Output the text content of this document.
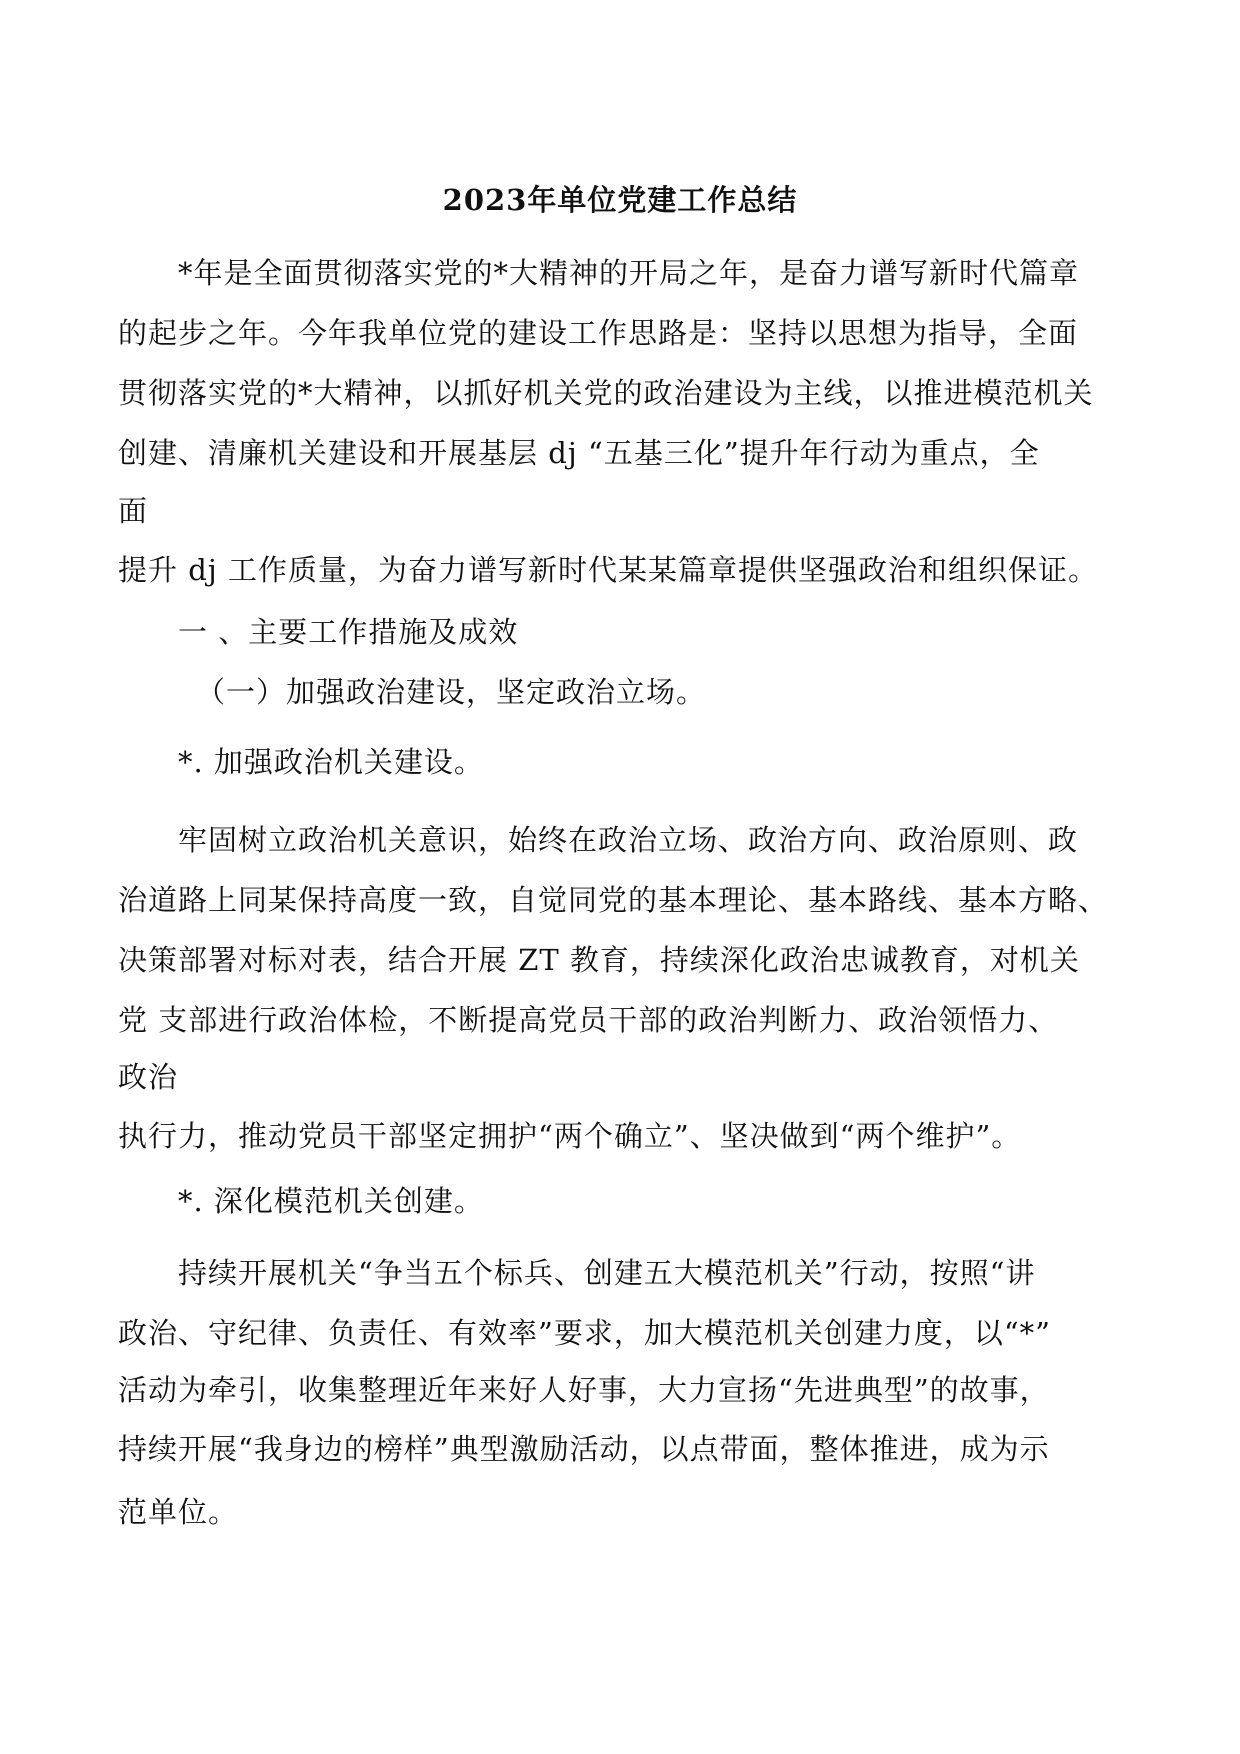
2023年单位党建工作总结
*年是全面贯彻落实党的*大精神的开局之年，是奋力谱写新时代篇章
的起步之年。今年我单位党的建设工作思路是：坚持以思想为指导，全面
贯彻落实党的*大精神，以抓好机关党的政治建设为主线，以推进模范机关
创建、清廉机关建设和开展基层 dj “五基三化”提升年行动为重点，全
面
提升 dj 工作质量，为奋力谱写新时代某某篇章提供坚强政治和组织保证。
一 、主要工作措施及成效
（一）加强政治建设，坚定政治立场。
*. 加强政治机关建设。
牢固树立政治机关意识，始终在政治立场、政治方向、政治原则、政
治道路上同某保持高度一致，自觉同党的基本理论、基本路线、基本方略、
决策部署对标对表，结合开展 ZT 教育，持续深化政治忠诚教育，对机关
党 支部进行政治体检，不断提高党员干部的政治判断力、政治领悟力、
政治
执行力，推动党员干部坚定拥护“两个确立”、坚决做到“两个维护”。
*. 深化模范机关创建。
持续开展机关“争当五个标兵、创建五大模范机关”行动，按照“讲
政治、守纪律、负责任、有效率”要求，加大模范机关创建力度，以“*”
活动为牵引，收集整理近年来好人好事，大力宣扬“先进典型”的故事，
持续开展“我身边的榜样”典型激励活动，以点带面，整体推进，成为示
范单位。
